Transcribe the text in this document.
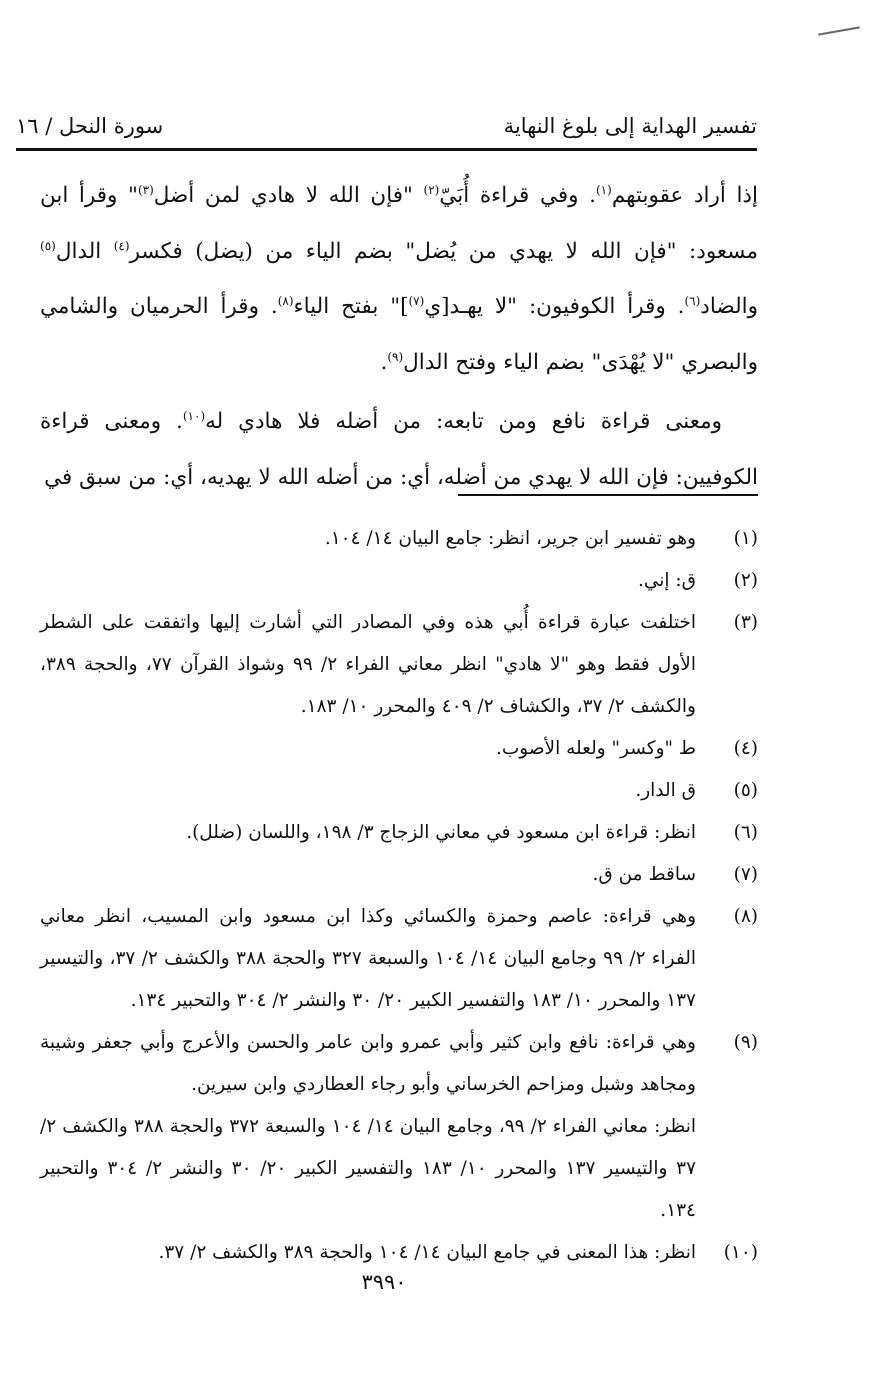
تفسير الهداية إلى بلوغ النهاية
سورة النحل / ١٦

إذا أراد عقوبتهم$^{(١)}$. وفي قراءة أُبَيّ$^{(٢)}$ "فإن الله لا هادي لمن أضل$^{(٣)}$" وقرأ ابن مسعود: "فإن الله لا يهدي من يُضل" بضم الياء من (يضل) فكسر$^{(٤)}$ الدال$^{(٥)}$ والضاد$^{(٦)}$. وقرأ الكوفيون: "لا يهـد[ي$^{(٧)}$]" بفتح الياء$^{(٨)}$. وقرأ الحرميان والشامي والبصري "لا يُهْدَى" بضم الياء وفتح الدال$^{(٩)}$.

ومعنى قراءة نافع ومن تابعه: من أضله فلا هادي له$^{(١٠)}$. ومعنى قراءة الكوفيين: فإن الله لا يهدي من أضله، أي: من أضله الله لا يهديه، أي: من سبق في

(١)
وهو تفسير ابن جرير، انظر: جامع البيان ١٤/ ١٠٤.
(٢)
ق: إني.
(٣)
اختلفت عبارة قراءة أُبي هذه وفي المصادر التي أشارت إليها واتفقت على الشطر الأول فقط وهو "لا هادي" انظر معاني الفراء ٢/ ٩٩ وشواذ القرآن ٧٧، والحجة ٣٨٩، والكشف ٢/ ٣٧، والكشاف ٢/ ٤٠٩ والمحرر ١٠/ ١٨٣.
(٤)
ط "وكسر" ولعله الأصوب.
(٥)
ق الدار.
(٦)
انظر: قراءة ابن مسعود في معاني الزجاج ٣/ ١٩٨، واللسان (ضلل).
(٧)
ساقط من ق.
(٨)
وهي قراءة: عاصم وحمزة والكسائي وكذا ابن مسعود وابن المسيب، انظر معاني الفراء ٢/ ٩٩ وجامع البيان ١٤/ ١٠٤ والسبعة ٣٢٧ والحجة ٣٨٨ والكشف ٢/ ٣٧، والتيسير ١٣٧ والمحرر ١٠/ ١٨٣ والتفسير الكبير ٢٠/ ٣٠ والنشر ٢/ ٣٠٤ والتحبير ١٣٤.
(٩)
وهي قراءة: نافع وابن كثير وأبي عمرو وابن عامر والحسن والأعرج وأبي جعفر وشيبة ومجاهد وشبل ومزاحم الخرساني وأبو رجاء العطاردي وابن سيرين.
انظر: معاني الفراء ٢/ ٩٩، وجامع البيان ١٤/ ١٠٤ والسبعة ٣٧٢ والحجة ٣٨٨ والكشف ٢/ ٣٧ والتيسير ١٣٧ والمحرر ١٠/ ١٨٣ والتفسير الكبير ٢٠/ ٣٠ والنشر ٢/ ٣٠٤ والتحبير ١٣٤.
(١٠)
انظر: هذا المعنى في جامع البيان ١٤/ ١٠٤ والحجة ٣٨٩ والكشف ٢/ ٣٧.
٣٩٩٠
